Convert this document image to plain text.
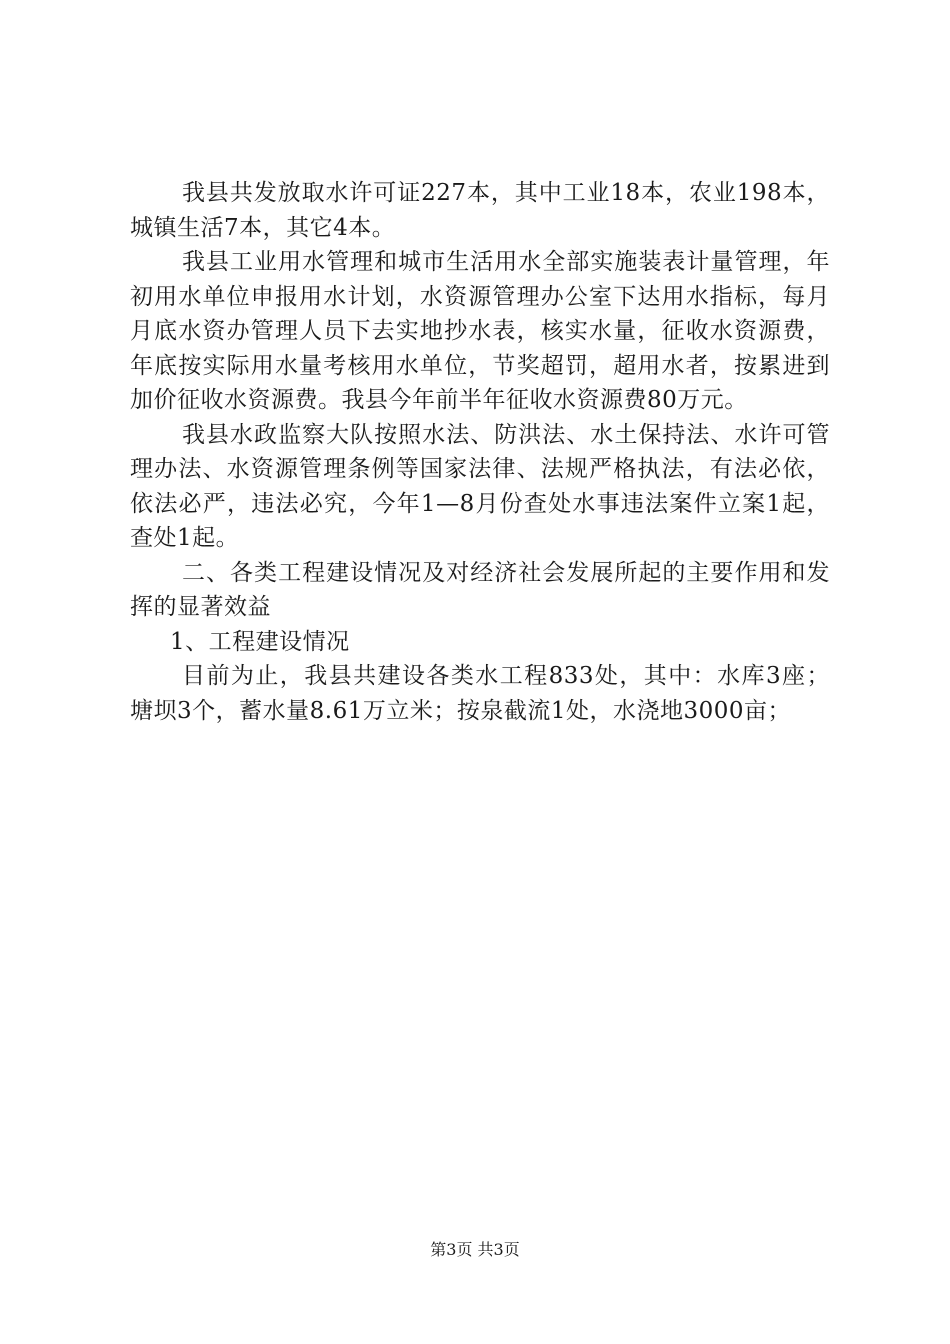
我县共发放取水许可证227本，其中工业18本，农业198本，城镇生活7本，其它4本。

我县工业用水管理和城市生活用水全部实施装表计量管理，年初用水单位申报用水计划，水资源管理办公室下达用水指标，每月月底水资办管理人员下去实地抄水表，核实水量，征收水资源费，年底按实际用水量考核用水单位，节奖超罚，超用水者，按累进到加价征收水资源费。我县今年前半年征收水资源费80万元。

我县水政监察大队按照水法、防洪法、水土保持法、水许可管理办法、水资源管理条例等国家法律、法规严格执法，有法必依，依法必严，违法必究，今年1—8月份查处水事违法案件立案1起，查处1起。

二、各类工程建设情况及对经济社会发展所起的主要作用和发挥的显著效益

1、工程建设情况

目前为止，我县共建设各类水工程833处，其中：水库3座；塘坝3个，蓄水量8.61万立米；按泉截流1处，水浇地3000亩；

第3页 共3页
